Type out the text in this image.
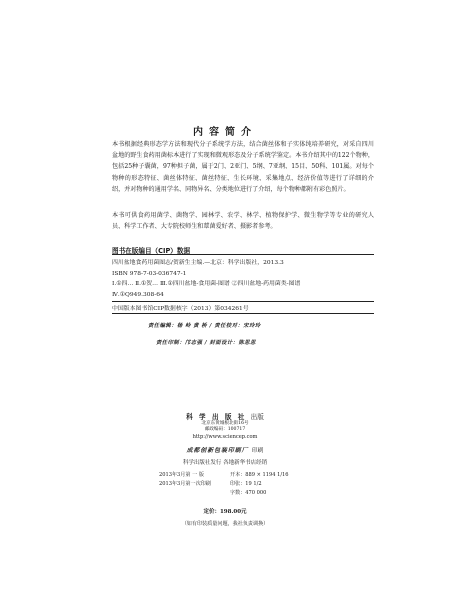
内容简介
本书根据经典形态学方法和现代分子系统学方法，结合菌丝体和子实体纯培养研究，对采自四川盆地的野生食药用菌标本进行了实现和微观形态及分子系统学鉴定。本书介绍其中的122个物种，包括25种子囊菌，97种担子菌，属于2门、2亚门、5纲、7亚纲、15目、50科、101属。对每个物种的形态特征、菌丝体特征、菌丝特征、生长环境、采集地点、经济价值等进行了详细的介绍，并对物种的通用学名、同物异名、分类地位进行了介绍，每个物种都附有彩色照片。
本书可供食药用菌学、菌物学、园林学、农学、林学、植物保护学、微生物学等专业的研究人员、科学工作者、大专院校师生和蕈菌爱好者、摄影者参考。
图书在版编目（CIP）数据
四川盆地食药用菌图志/贺新生主编.—北京：科学出版社，2013.3
ISBN 978-7-03-036747-1
Ⅰ.①四… Ⅱ.①贺… Ⅲ.①四川盆地-食用菌-图谱 ②四川盆地-药用菌类-图谱
Ⅳ.①Q949.308-64
中国版本图书馆CIP数据核字（2013）第034261号
责任编辑：杨 岭 黄 桥 / 责任校对：宋玲玲
责任印制：邝志强 / 封面设计：陈思思
科 学 出 版 社 出版
北京东黄城根北街16号
邮政编码：100717
http://www.sciencep.com
成都创新包装印刷厂 印刷
科学出版社发行 各地新华书店经销
2013年3月第 一 版	开本：889 × 1194 1/16
2013年3月第一次印刷	印张：19 1/2
字数：470 000
定价：198.00元
（如有印装质量问题，我社负责调换）
